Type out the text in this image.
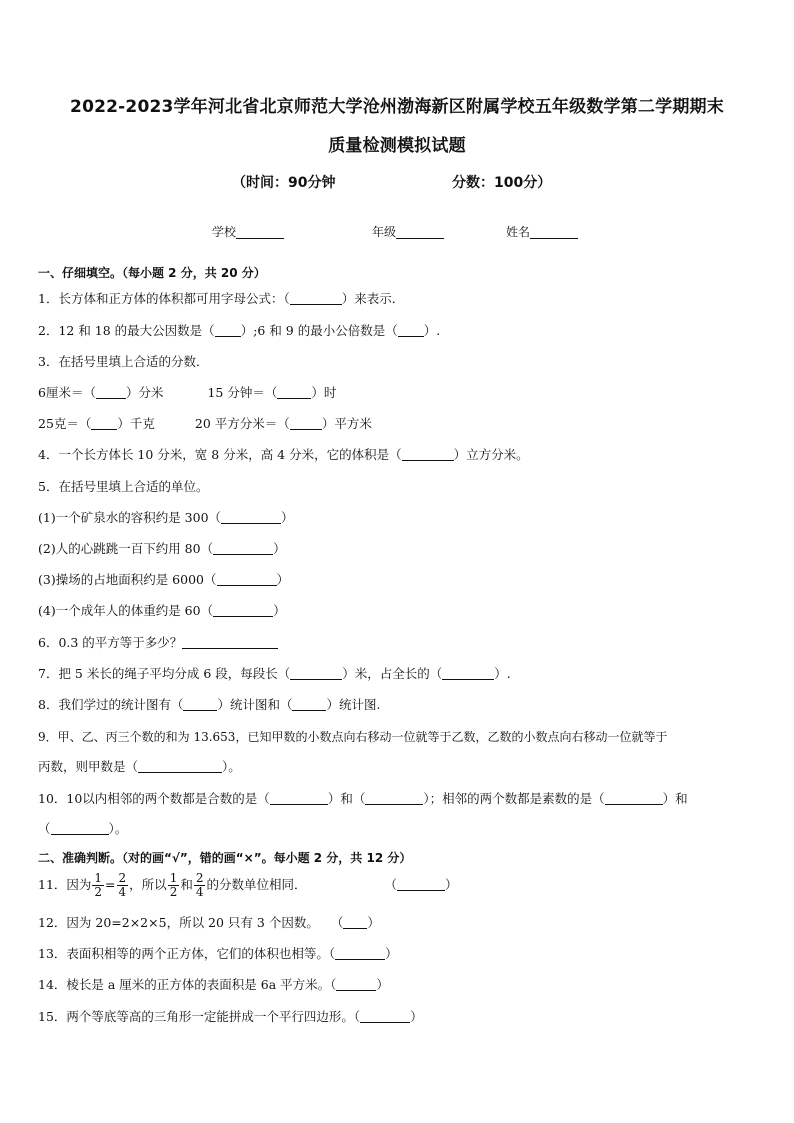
2022-2023学年河北省北京师范大学沧州渤海新区附属学校五年级数学第二学期期末
质量检测模拟试题
（时间：90分钟	分数：100分）
学校	年级	姓名
一、仔细填空。（每小题 2 分，共 20 分）
1．长方体和正方体的体积都可用字母公式：（	）来表示．
2．12 和 18 的最大公因数是（ ）;6 和 9 的最小公倍数是（ ）.
3．在括号里填上合适的分数．
6厘米＝（ ）分米	15 分钟＝（	）时
25克＝（ ）千克	20 平方分米＝（	）平方米
4．一个长方体长 10 分米，宽 8 分米，高 4 分米，它的体积是（	）立方分米。
5．在括号里填上合适的单位。
(1)一个矿泉水的容积约是 300（	）
(2)人的心跳跳一百下约用 80（	）
(3)操场的占地面积约是 6000（	）
(4)一个成年人的体重约是 60（	）
6．0.3 的平方等于多少？
7．把 5 米长的绳子平均分成 6 段，每段长（	）米，占全长的（	）.
8．我们学过的统计图有（	）统计图和（	）统计图.
9．甲、乙、丙三个数的和为 13.653，已知甲数的小数点向右移动一位就等于乙数，乙数的小数点向右移动一位就等于
丙数，则甲数是（	）。
10．10以内相邻的两个数都是合数的是（	）和（	）；相邻的两个数都是素数的是（	）和
（	）。
二、准确判断。（对的画“√”，错的画“×”。每小题 2 分，共 12 分）
11．因为 $\frac{1}{2} = \frac{2}{4}$ ，所以 $\frac{1}{2}$ 和 $\frac{2}{4}$ 的分数单位相同．	（	）
12．因为 20=2×2×5，所以 20 只有 3 个因数。 （ ）
13．表面积相等的两个正方体，它们的体积也相等。（	）
14．棱长是 a 厘米的正方体的表面积是 6a 平方米。（	）
15．两个等底等高的三角形一定能拼成一个平行四边形。（	）
